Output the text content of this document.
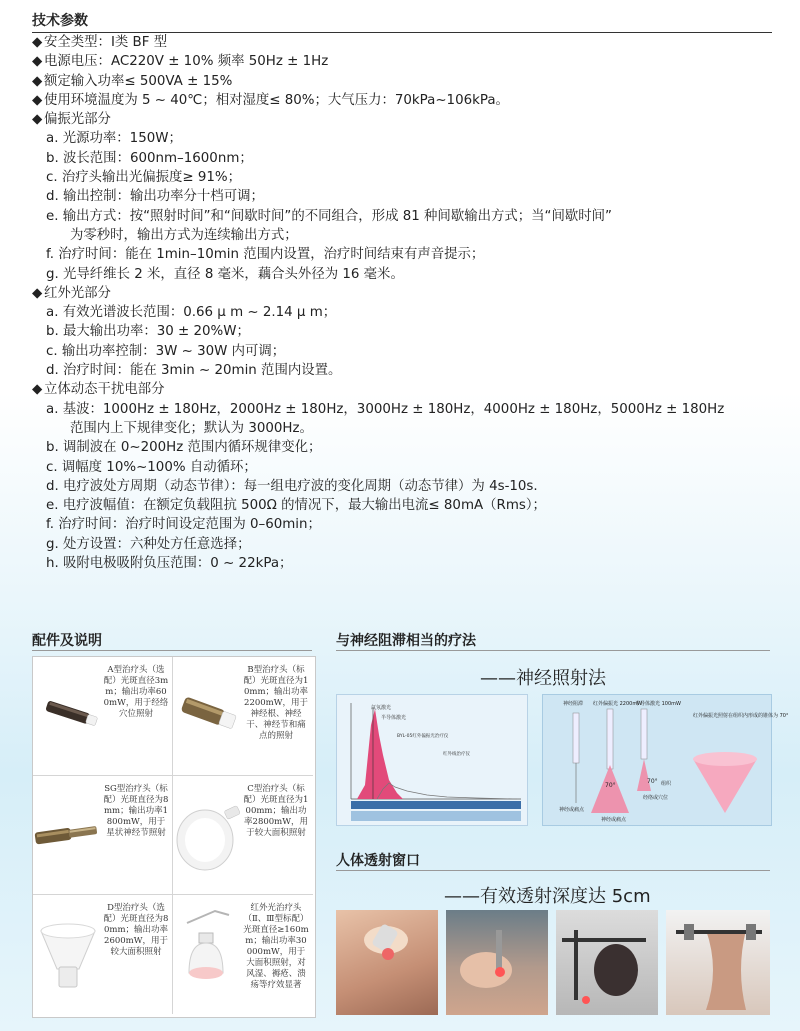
技术参数
◆ 安全类型：Ⅰ类 BF 型
◆ 电源电压：AC220V ± 10% 频率 50Hz ± 1Hz
◆ 额定输入功率≤ 500VA ± 15%
◆ 使用环境温度为 5 ~ 40℃；相对湿度≤ 80%；大气压力：70kPa~106kPa。
◆ 偏振光部分
a. 光源功率：150W；
b. 波长范围：600nm–1600nm；
c. 治疗头输出光偏振度≥ 91%；
d. 输出控制：输出功率分十档可调；
e. 输出方式：按“照射时间”和“间歇时间”的不同组合，形成 81 种间歇输出方式；当“间歇时间”
为零秒时，输出方式为连续输出方式；
f. 治疗时间：能在 1min–10min 范围内设置，治疗时间结束有声音提示；
g. 光导纤维长 2 米，直径 8 毫米，藕合头外径为 16 毫米。
◆ 红外光部分
a. 有效光谱波长范围：0.66 μ m ~ 2.14 μ m；
b. 最大输出功率：30 ± 20%W；
c. 输出功率控制：3W ~ 30W 内可调；
d. 治疗时间：能在 3min ~ 20min 范围内设置。
◆ 立体动态干扰电部分
a. 基波：1000Hz ± 180Hz，2000Hz ± 180Hz，3000Hz ± 180Hz，4000Hz ± 180Hz，5000Hz ± 180Hz
范围内上下规律变化；默认为 3000Hz。
b. 调制波在 0~200Hz 范围内循环规律变化；
c. 调幅度 10%~100% 自动循环；
d. 电疗波处方周期（动态节律）：每一组电疗波的变化周期（动态节律）为 4s-10s.
e. 电疗波幅值：在额定负载阻抗 500Ω 的情况下，最大输出电流≤ 80mA（Rms）；
f. 治疗时间：治疗时间设定范围为 0–60min；
g. 处方设置：六种处方任意选择；
h. 吸附电极吸附负压范围：0 ~ 22kPa；
配件及说明
A型治疗头（选配）光斑直径3mm；输出功率600mW，用于经络穴位照射
B型治疗头（标配）光斑直径为10mm；输出功率2200mW，用于神经根、神经干、神经节和痛点的照射
SG型治疗头（标配）光斑直径为8mm；输出功率1800mW，用于星状神经节照射
C型治疗头（标配）光斑直径为100mm；输出功率2800mW，用于较大面积照射
D型治疗头（选配）光斑直径为80mm；输出功率2600mW，用于较大面积照射
红外光治疗头（Ⅱ、Ⅲ型标配）光斑直径≥160mm；输出功率30000mW，用于大面积照射，对风湿、褥疮、溃疡等疗效显著
与神经阻滞相当的疗法
——神经照射法
氙氖激光
半导体激光
BYL-05红外偏振光治疗仪
红外线治疗仪
神经阻滞 红外偏振光 2200mW
半导体激光 100mW
红外偏振光照射在组织内形成的锥体为 70°
70°
70° 组织
神经或痛点
神经或痛点
经络或穴位
人体透射窗口
——有效透射深度达 5cm
